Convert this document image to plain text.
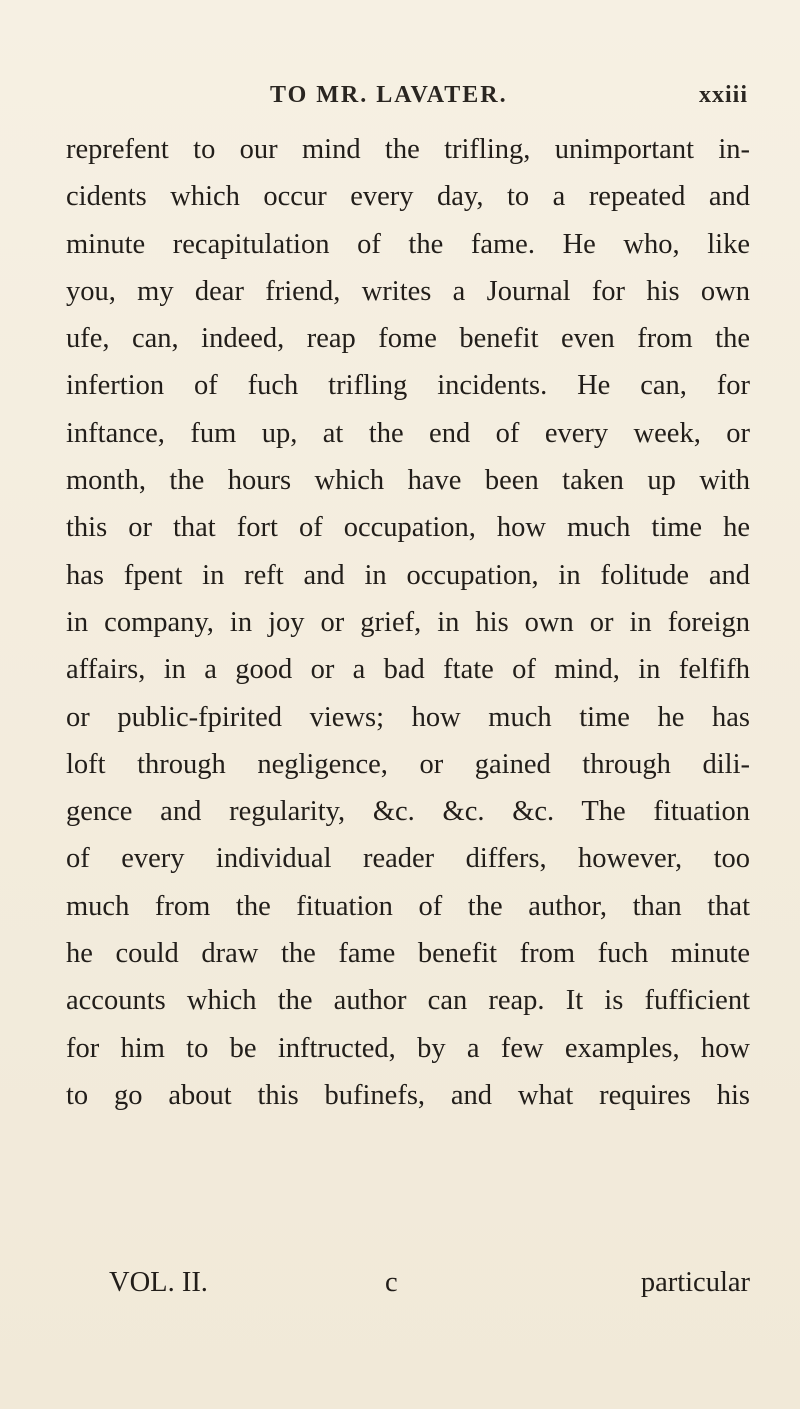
TO MR. LAVATER.	xxiii
reprefent to our mind the trifling, unimportant in-
cidents which occur every day, to a repeated and
minute recapitulation of the fame. He who, like
you, my dear friend, writes a Journal for his own
ufe, can, indeed, reap fome benefit even from the
infertion of fuch trifling incidents. He can, for
inftance, fum up, at the end of every week, or
month, the hours which have been taken up with
this or that fort of occupation, how much time he
has fpent in reft and in occupation, in folitude and
in company, in joy or grief, in his own or in foreign
affairs, in a good or a bad ftate of mind, in felfifh
or public-fpirited views; how much time he has
loft through negligence, or gained through dili-
gence and regularity, &c. &c. &c. The fituation
of every individual reader differs, however, too
much from the fituation of the author, than that
he could draw the fame benefit from fuch minute
accounts which the author can reap. It is fufficient
for him to be inftructed, by a few examples, how
to go about this bufinefs, and what requires his
VOL. II.	c	particular
